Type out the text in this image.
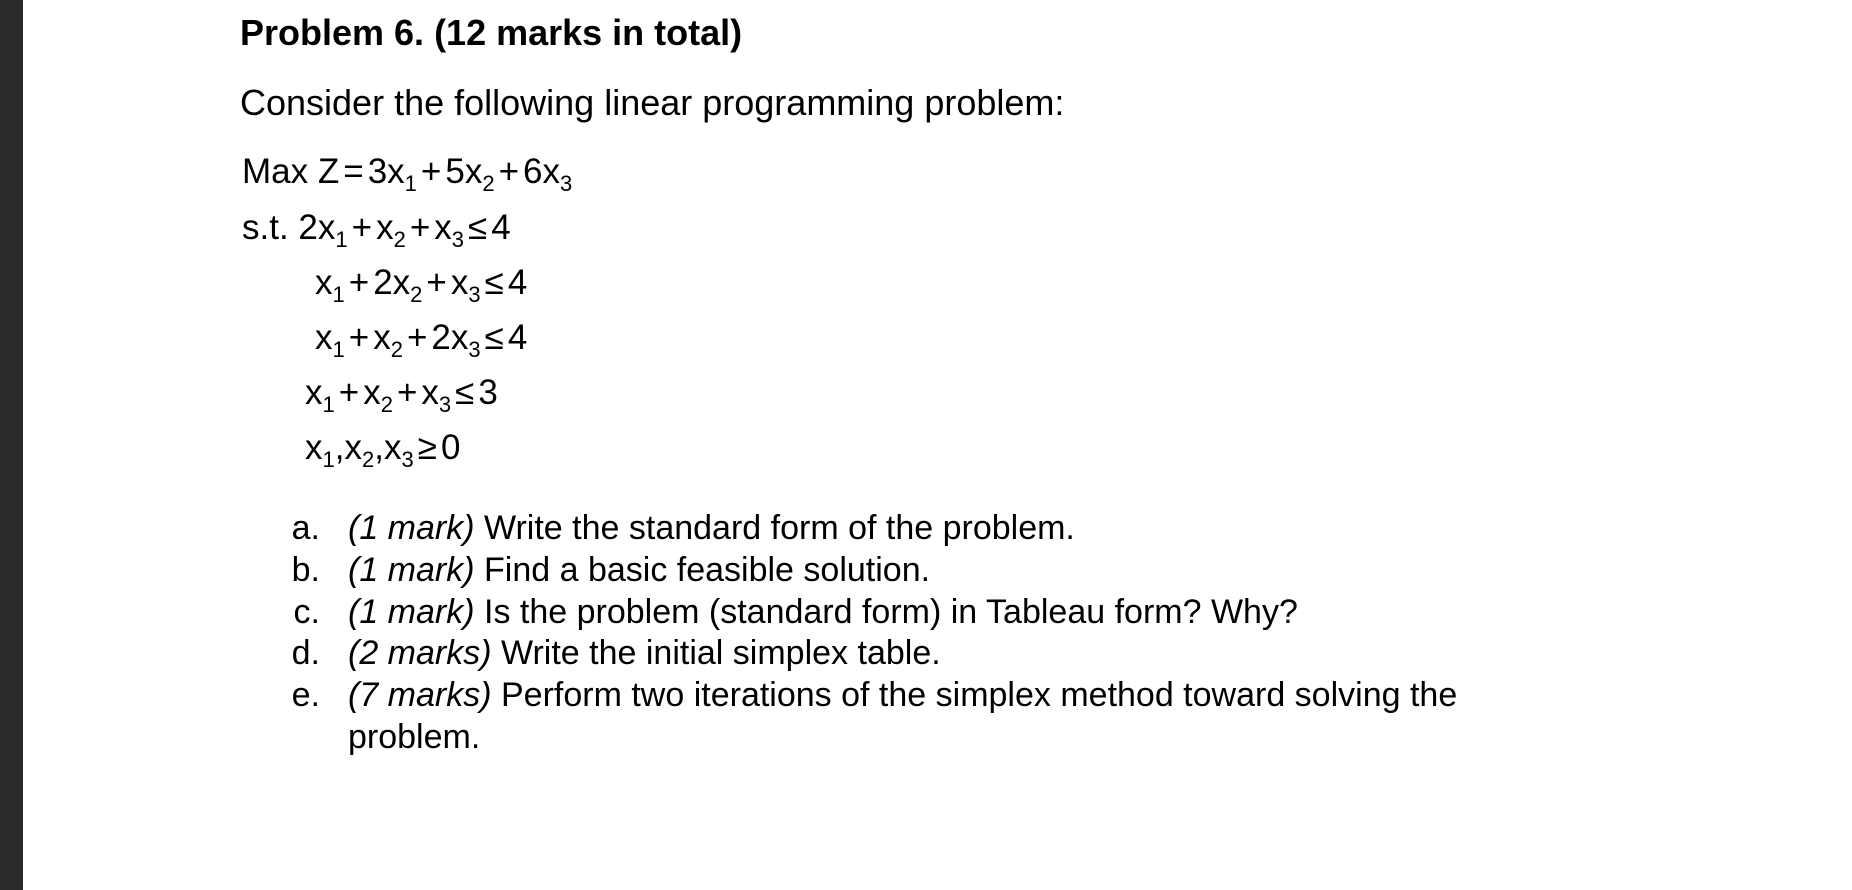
Problem 6. (12 marks in total)
Consider the following linear programming problem:
Max $Z = 3x_1 + 5x_2 + 6x_3$
s.t. $2x_1 + x_2 + x_3 \le 4$
$x_1 + 2x_2 + x_3 \le 4$
$x_1 + x_2 + 2x_3 \le 4$
$x_1 + x_2 + x_3 \le 3$
$x_1,x_2,x_3 \ge 0$
a. (1 mark) Write the standard form of the problem.
b. (1 mark) Find a basic feasible solution.
c. (1 mark) Is the problem (standard form) in Tableau form? Why?
d. (2 marks) Write the initial simplex table.
e. (7 marks) Perform two iterations of the simplex method toward solving the
problem.
